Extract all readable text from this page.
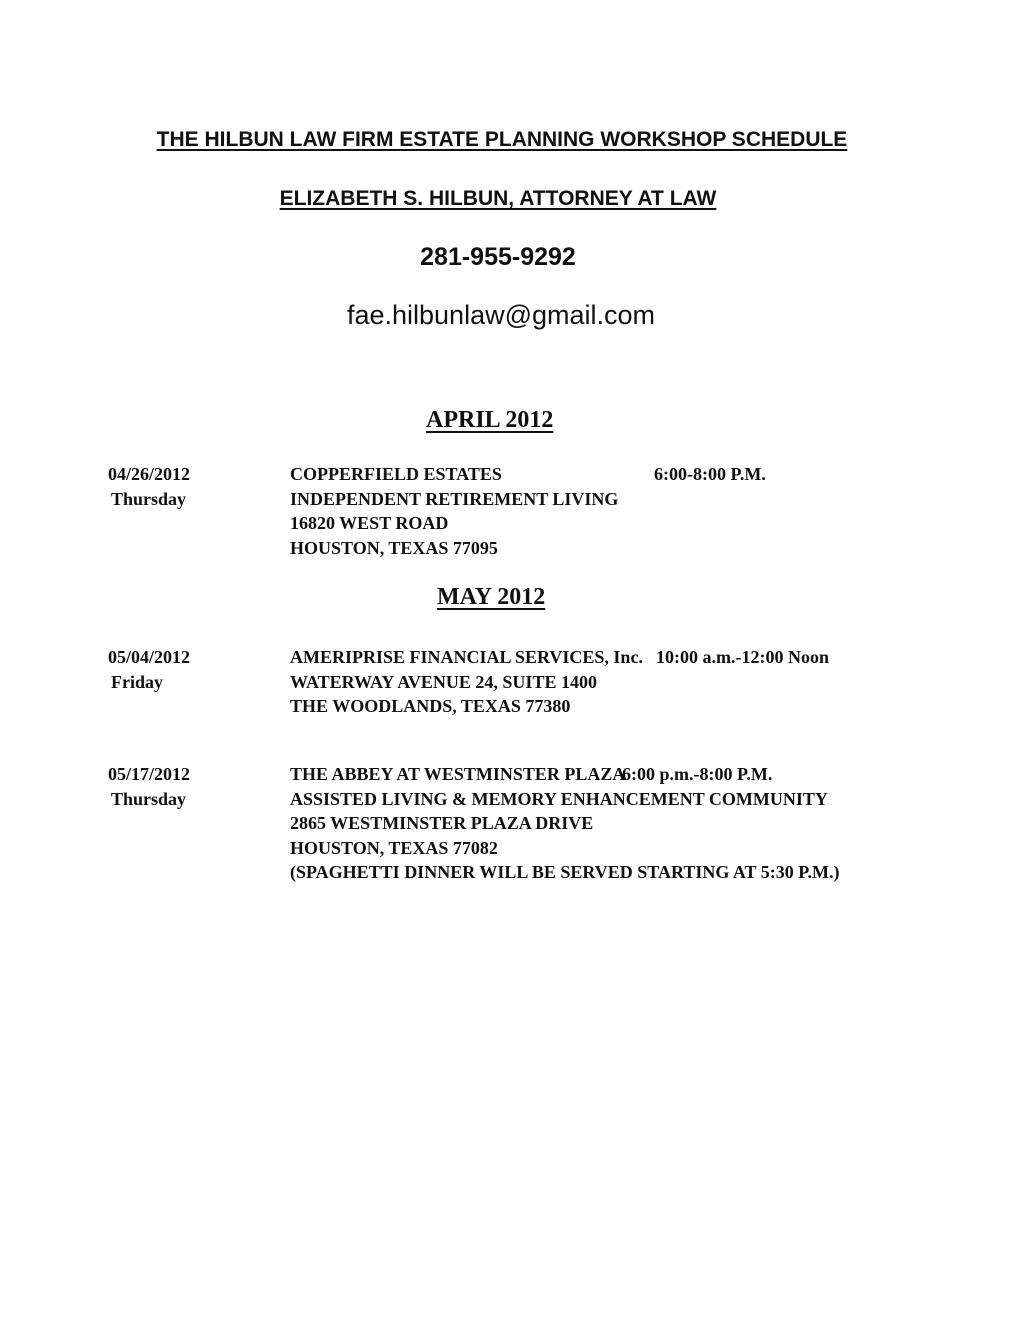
THE HILBUN LAW FIRM ESTATE PLANNING WORKSHOP SCHEDULE
ELIZABETH S. HILBUN, ATTORNEY AT LAW
281-955-9292
fae.hilbunlaw@gmail.com
APRIL 2012
04/26/2012
Thursday
COPPERFIELD ESTATES
INDEPENDENT RETIREMENT LIVING
16820 WEST ROAD
HOUSTON, TEXAS 77095
6:00-8:00 P.M.
MAY 2012
05/04/2012
Friday
AMERIPRISE FINANCIAL SERVICES, Inc.
WATERWAY AVENUE 24, SUITE 1400
THE WOODLANDS, TEXAS 77380
10:00 a.m.-12:00 Noon
05/17/2012
Thursday
THE ABBEY AT WESTMINSTER PLAZA
ASSISTED LIVING & MEMORY ENHANCEMENT COMMUNITY
2865 WESTMINSTER PLAZA DRIVE
HOUSTON, TEXAS 77082
(SPAGHETTI DINNER WILL BE SERVED STARTING AT 5:30 P.M.)
6:00 p.m.-8:00 P.M.
